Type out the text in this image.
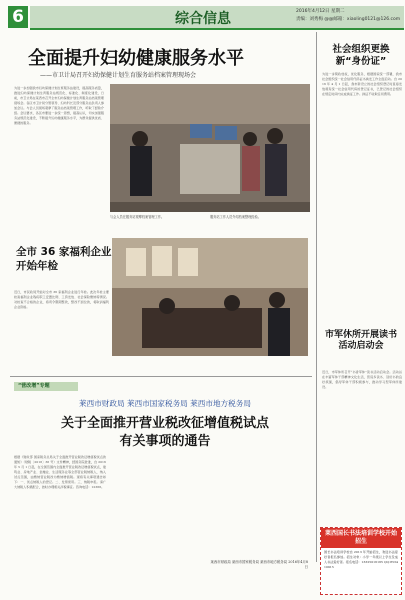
6	综合信息	2016年4月12日 星期二
责编：刘秀梅 @@邮箱：xiaoling0121@126.com
全面提升妇幼健康服务水平
——市卫计局召开妇幼保健计划生育服务站档案管理现场会
为进一步加强我市妇幼保健计划生育服务站建设，提高服务质量，推进妇幼保健计划生育服务站规范化、标准化、制度化建设，日前，市卫计局在莱西市召开全市妇幼保健计划生育服务站档案管理现场会。各区市卫计局分管领导、妇幼科长及部分服务站负责人参加会议。与会人员现场观摩了服务站档案管理工作，听取了经验介绍。会议要求，各区市要进一步统一思想，提高认识，切实加强服务站规范化建设，不断提升妇幼健康服务水平，为群众提供优质、便捷的服务。
与会人员在服务站观摩档案管理工作。	服务站工作人员介绍档案整理经验。
全市 36 家福利企业开始年检
近日，市民政局开始对全市 36 家福利企业进行年检。此次年检主要检查福利企业残疾职工安置比例、工资发放、社会保险缴纳等情况。对检查不合格的企业，将责令限期整改，整改不到位的，将取消福利企业资格。
“营改增”专题
莱西市财政局 莱西市国家税务局 莱西市地方税务局
关于全面推开营业税改征增值税试点
有关事项的通告
根据《财政部 国家税务总局关于全面推开营业税改征增值税试点的通知》（财税〔2016〕36 号）文件精神，经国务院批准，自 2016 年 5 月 1 日起，在全国范围内全面推开营业税改征增值税试点，建筑业、房地产业、金融业、生活服务业等全部营业税纳税人，纳入试点范围，由缴纳营业税改为缴纳增值税。现将有关事项通告如下：一、试点纳税人的登记。二、发票使用。三、纳税申报。请广大纳税人积极配合，按时办理相关涉税事宜。咨询电话：12366。
莱西市财政局 莱西市国家税务局 莱西市地方税务局 2016年4月8日
社会组织更换新“身份证”
为进一步简政放权，优化服务，根据国家统一部署，我市社会组织统一社会信用代码证书换发工作全面启动。自 2016 年 4 月 1 日起，我市新设立的社会组织登记时直接发放载有统一社会信用代码的登记证书，已登记的社会组织在规定时间内完成换证工作。换证不收取任何费用。
市军休所开展读书活动启动会
近日，市军休所召开“书香军休”读书活动启动会。活动旨在丰富军休干部精神文化生活，营造多读书、读好书的良好氛围，倡导军休干部积极参与，推动学习型军休所建设。
莱西国长书法培训学校开始招生
国长书法培训学校自 2013 年开始招生，欢迎书法爱好者报名参加。招生对象：小学一年级以上学生及成人书法爱好者。报名电话：13325016165 QQ:853410915
